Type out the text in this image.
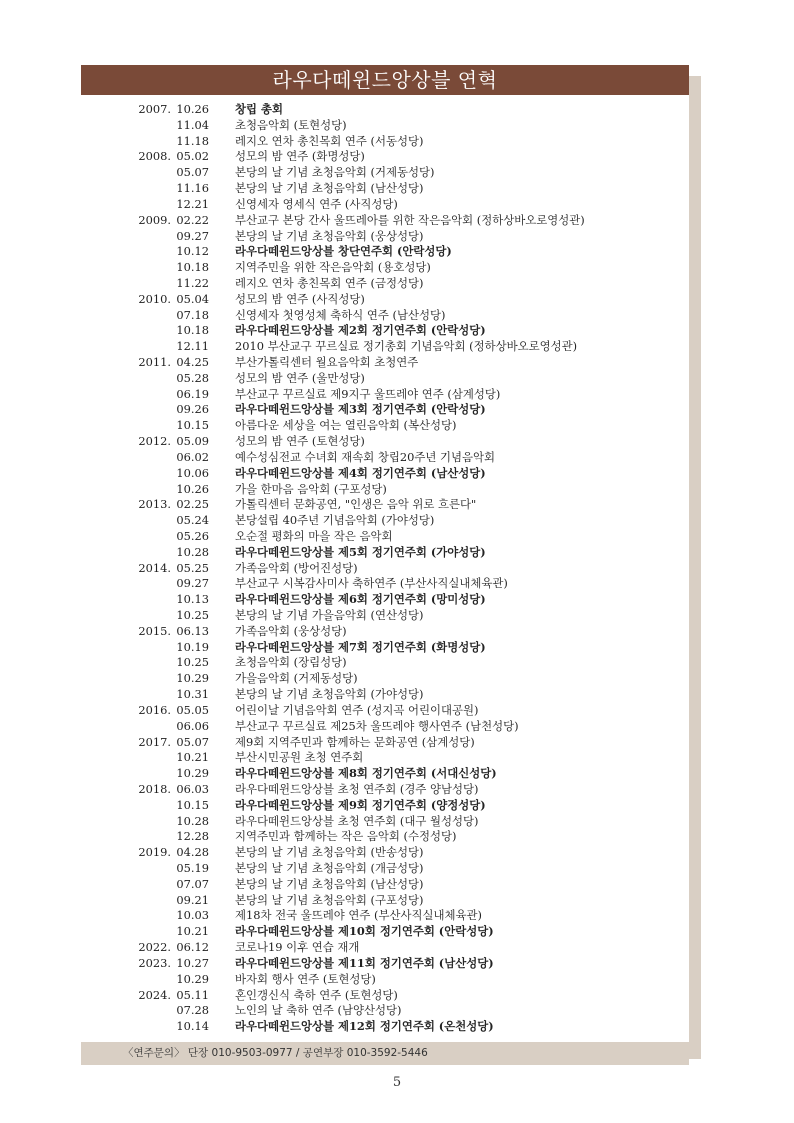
라우다떼윈드앙상블 연혁
2007. 10.26 창립 총회
11.04 초청음악회 (토현성당)
11.18 레지오 연차 총친목회 연주 (서동성당)
2008. 05.02 성모의 밤 연주 (화명성당)
05.07 본당의 날 기념 초청음악회 (거제동성당)
11.16 본당의 날 기념 초청음악회 (남산성당)
12.21 신영세자 영세식 연주 (사직성당)
2009. 02.22 부산교구 본당 간사 울뜨레아를 위한 작은음악회 (정하상바오로영성관)
09.27 본당의 날 기념 초청음악회 (웅상성당)
10.12 라우다떼윈드앙상블 창단연주회 (안락성당)
10.18 지역주민을 위한 작은음악회 (용호성당)
11.22 레지오 연차 총친목회 연주 (금정성당)
2010. 05.04 성모의 밤 연주 (사직성당)
07.18 신영세자 첫영성체 축하식 연주 (남산성당)
10.18 라우다떼윈드앙상블 제2회 정기연주회 (안락성당)
12.11 2010 부산교구 꾸르실료 정기총회 기념음악회 (정하상바오로영성관)
2011. 04.25 부산가톨릭센터 월요음악회 초청연주
05.28 성모의 밤 연주 (울만성당)
06.19 부산교구 꾸르실료 제9지구 울뜨레야 연주 (삼계성당)
09.26 라우다떼윈드앙상블 제3회 정기연주회 (안락성당)
10.15 아름다운 세상을 여는 열린음악회 (복산성당)
2012. 05.09 성모의 밤 연주 (토현성당)
06.02 예수성심전교 수녀회 재속회 창립20주년 기념음악회
10.06 라우다떼윈드앙상블 제4회 정기연주회 (남산성당)
10.26 가을 한마음 음악회 (구포성당)
2013. 02.25 가톨릭센터 문화공연, "인생은 음악 위로 흐른다"
05.24 본당설립 40주년 기념음악회 (가야성당)
05.26 오순절 평화의 마을 작은 음악회
10.28 라우다떼윈드앙상블 제5회 정기연주회 (가야성당)
2014. 05.25 가족음악회 (방어진성당)
09.27 부산교구 시복감사미사 축하연주 (부산사직실내체육관)
10.13 라우다떼윈드앙상블 제6회 정기연주회 (망미성당)
10.25 본당의 날 기념 가을음악회 (연산성당)
2015. 06.13 가족음악회 (웅상성당)
10.19 라우다떼윈드앙상블 제7회 정기연주회 (화명성당)
10.25 초청음악회 (장림성당)
10.29 가을음악회 (거제동성당)
10.31 본당의 날 기념 초청음악회 (가야성당)
2016. 05.05 어린이날 기념음악회 연주 (성지곡 어린이대공원)
06.06 부산교구 꾸르실료 제25차 울뜨레야 행사연주 (남천성당)
2017. 05.07 제9회 지역주민과 함께하는 문화공연 (삼계성당)
10.21 부산시민공원 초청 연주회
10.29 라우다떼윈드앙상블 제8회 정기연주회 (서대신성당)
2018. 06.03 라우다떼윈드앙상블 초청 연주회 (경주 양남성당)
10.15 라우다떼윈드앙상블 제9회 정기연주회 (양정성당)
10.28 라우다떼윈드앙상블 초청 연주회 (대구 월성성당)
12.28 지역주민과 함께하는 작은 음악회 (수정성당)
2019. 04.28 본당의 날 기념 초청음악회 (반송성당)
05.19 본당의 날 기념 초청음악회 (개금성당)
07.07 본당의 날 기념 초청음악회 (남산성당)
09.21 본당의 날 기념 초청음악회 (구포성당)
10.03 제18차 전국 울뜨레야 연주 (부산사직실내체육관)
10.21 라우다떼윈드앙상블 제10회 정기연주회 (안락성당)
2022. 06.12 코로나19 이후 연습 재개
2023. 10.27 라우다떼윈드앙상블 제11회 정기연주회 (남산성당)
10.29 바자회 행사 연주 (토현성당)
2024. 05.11 혼인갱신식 축하 연주 (토현성당)
07.28 노인의 날 축하 연주 (남양산성당)
10.14 라우다떼윈드앙상블 제12회 정기연주회 (온천성당)
〈연주문의〉 단장 010-9503-0977 / 공연부장 010-3592-5446
5
